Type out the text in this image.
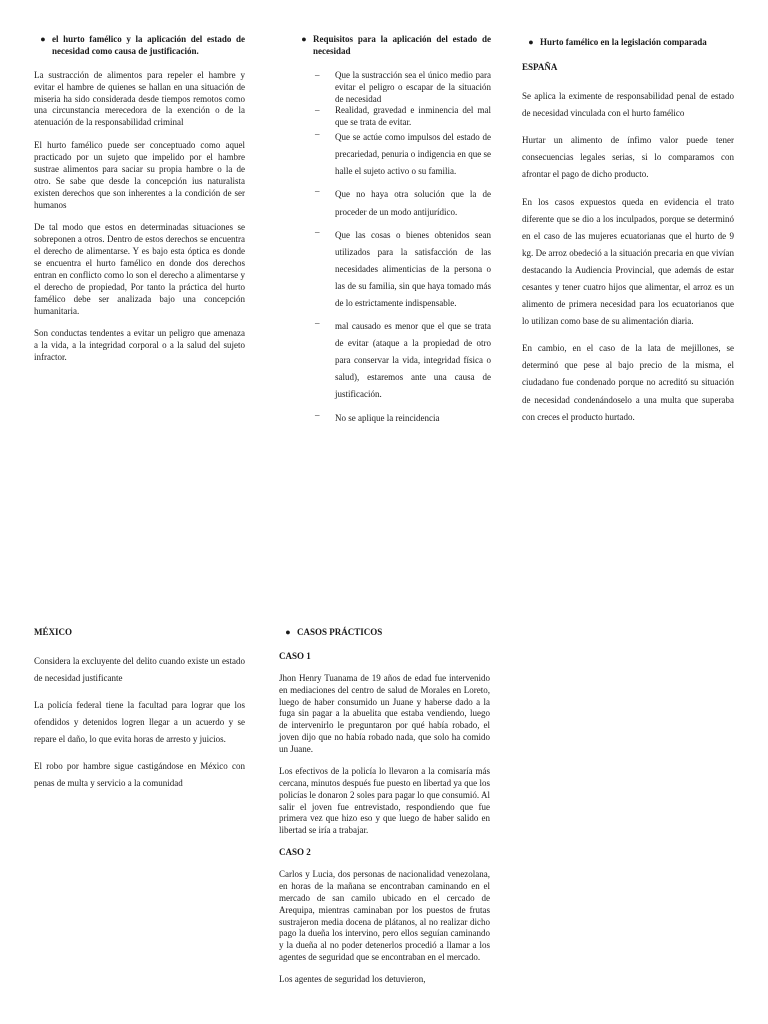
● el hurto famélico y la aplicación del estado de necesidad como causa de justificación.

La sustracción de alimentos para repeler el hambre y evitar el hambre de quienes se hallan en una situación de miseria ha sido considerada desde tiempos remotos como una circunstancia merecedora de la exención o de la atenuación de la responsabilidad criminal

El hurto famélico puede ser conceptuado como aquel practicado por un sujeto que impelido por el hambre sustrae alimentos para saciar su propia hambre o la de otro. Se sabe que desde la concepción ius naturalista existen derechos que son inherentes a la condición de ser humanos

De tal modo que estos en determinadas situaciones se sobreponen a otros. Dentro de estos derechos se encuentra el derecho de alimentarse. Y es bajo esta óptica es donde se encuentra el hurto famélico en donde dos derechos entran en conflicto como lo son el derecho a alimentarse y el derecho de propiedad, Por tanto la práctica del hurto famélico debe ser analizada bajo una concepción humanitaria.

Son conductas tendentes a evitar un peligro que amenaza a la vida, a la integridad corporal o a la salud del sujeto infractor.

● Requisitos para la aplicación del estado de necesidad
–	Que la sustracción sea el único medio para evitar el peligro o escapar de la situación de necesidad
–	Realidad, gravedad e inminencia del mal que se trata de evitar.
–	Que se actúe como impulsos del estado de precariedad, penuria o indigencia en que se halle el sujeto activo o su familia.
–	Que no haya otra solución que la de proceder de un modo antijurídico.
–	Que las cosas o bienes obtenidos sean utilizados para la satisfacción de las necesidades alimenticias de la persona o las de su familia, sin que haya tomado más de lo estrictamente indispensable.
–	mal causado es menor que el que se trata de evitar (ataque a la propiedad de otro para conservar la vida, integridad física o salud), estaremos ante una causa de justificación.
–	No se aplique la reincidencia
● Hurto famélico en la legislación comparada
ESPAÑA

Se aplica la eximente de responsabilidad penal de estado de necesidad vinculada con el hurto famélico

Hurtar un alimento de ínfimo valor puede tener consecuencias legales serias, si lo comparamos con afrontar el pago de dicho producto.

En los casos expuestos queda en evidencia el trato diferente que se dio a los inculpados, porque se determinó en el caso de las mujeres ecuatorianas que el hurto de 9 kg. De arroz obedeció a la situación precaria en que vivían destacando la Audiencia Provincial, que además de estar cesantes y tener cuatro hijos que alimentar, el arroz es un alimento de primera necesidad para los ecuatorianos que lo utilizan como base de su alimentación diaria.

En cambio, en el caso de la lata de mejillones, se determinó que pese al bajo precio de la misma, el ciudadano fue condenado porque no acreditó su situación de necesidad condenándoselo a una multa que superaba con creces el producto hurtado.

MÉXICO

Considera la excluyente del delito cuando existe un estado de necesidad justificante

La policía federal tiene la facultad para lograr que los ofendidos y detenidos logren llegar a un acuerdo y se repare el daño, lo que evita horas de arresto y juicios.

El robo por hambre sigue castigándose en México con penas de multa y servicio a la comunidad

● CASOS PRÁCTICOS
CASO 1

Jhon Henry Tuanama de 19 años de edad fue intervenido en mediaciones del centro de salud de Morales en Loreto, luego de haber consumido un Juane y haberse dado a la fuga sin pagar a la abuelita que estaba vendiendo, luego de intervenirlo le preguntaron por qué había robado, el joven dijo que no había robado nada, que solo ha comido un Juane.

Los efectivos de la policía lo llevaron a la comisaría más cercana, minutos después fue puesto en libertad ya que los policías le donaron 2 soles para pagar lo que consumió. Al salir el joven fue entrevistado, respondiendo que fue primera vez que hizo eso y que luego de haber salido en libertad se iría a trabajar.

CASO 2

Carlos y Lucia, dos personas de nacionalidad venezolana, en horas de la mañana se encontraban caminando en el mercado de san camilo ubicado en el cercado de Arequipa, mientras caminaban por los puestos de frutas sustrajeron media docena de plátanos, al no realizar dicho pago la dueña los intervino, pero ellos seguían caminando y la dueña al no poder detenerlos procedió a llamar a los agentes de seguridad que se encontraban en el mercado.

Los agentes de seguridad los detuvieron,
